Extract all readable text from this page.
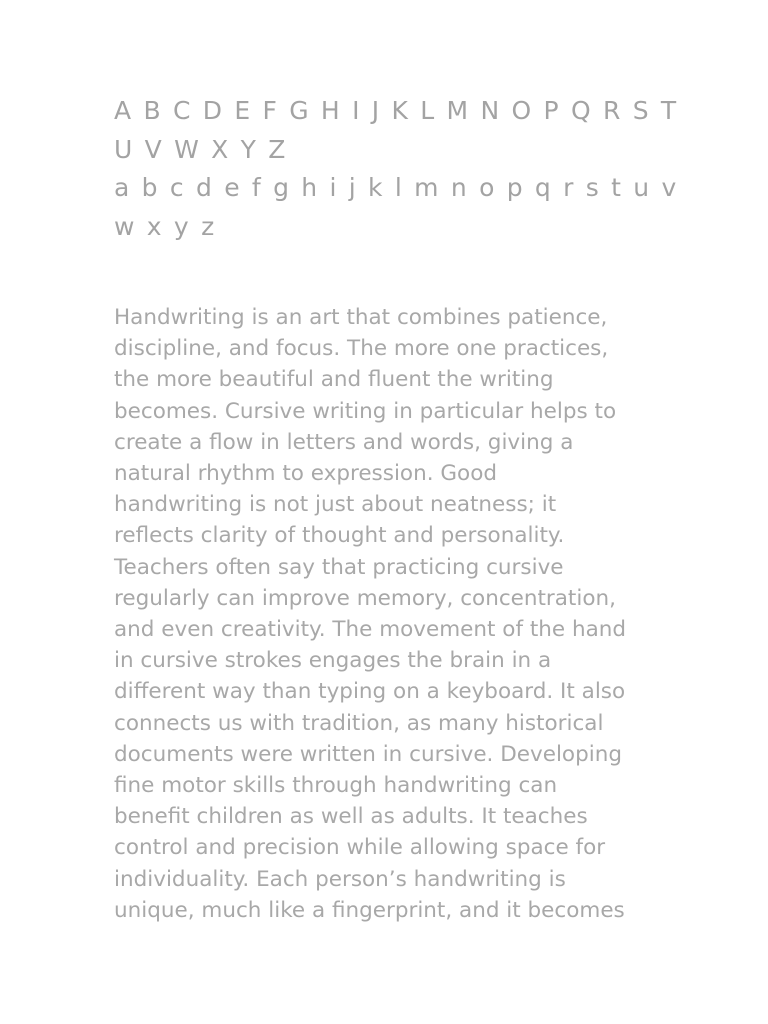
A B C D E F G H I J K L M N O P Q R S T
U V W X Y Z
a b c d e f g h i j k l m n o p q r s t u v
w x y z
Handwriting is an art that combines patience,
discipline, and focus. The more one practices,
the more beautiful and fluent the writing
becomes. Cursive writing in particular helps to
create a flow in letters and words, giving a
natural rhythm to expression. Good
handwriting is not just about neatness; it
reflects clarity of thought and personality.
Teachers often say that practicing cursive
regularly can improve memory, concentration,
and even creativity. The movement of the hand
in cursive strokes engages the brain in a
different way than typing on a keyboard. It also
connects us with tradition, as many historical
documents were written in cursive. Developing
fine motor skills through handwriting can
benefit children as well as adults. It teaches
control and precision while allowing space for
individuality. Each person’s handwriting is
unique, much like a fingerprint, and it becomes
